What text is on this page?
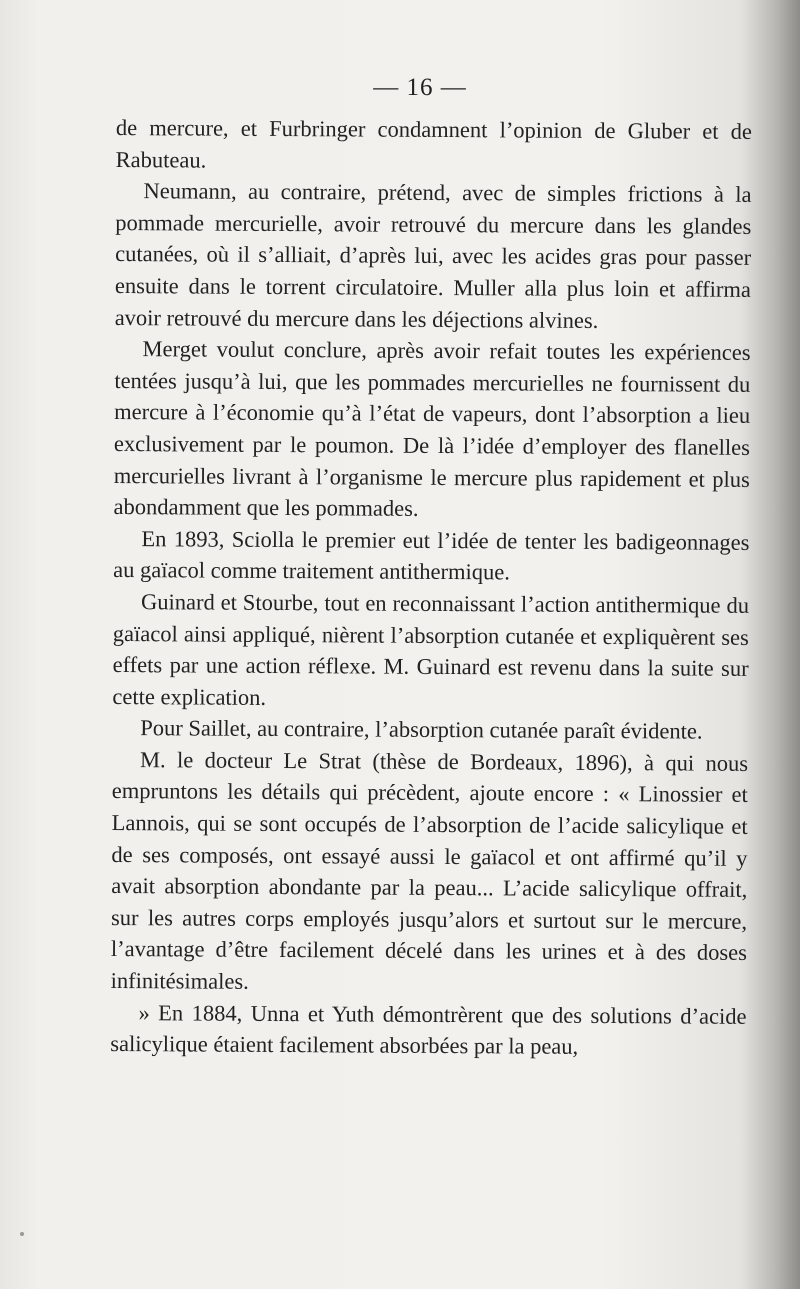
— 16 —

de mercure, et Furbringer condamnent l’opinion de Gluber et de Rabuteau.

Neumann, au contraire, prétend, avec de simples frictions à la pommade mercurielle, avoir retrouvé du mercure dans les glandes cutanées, où il s’alliait, d’après lui, avec les acides gras pour passer ensuite dans le torrent circulatoire. Muller alla plus loin et affirma avoir retrouvé du mercure dans les déjections alvines.

Merget voulut conclure, après avoir refait toutes les expériences tentées jusqu’à lui, que les pommades mercurielles ne fournissent du mercure à l’économie qu’à l’état de vapeurs, dont l’absorption a lieu exclusivement par le poumon. De là l’idée d’employer des flanelles mercurielles livrant à l’organisme le mercure plus rapidement et plus abondamment que les pommades.

En 1893, Sciolla le premier eut l’idée de tenter les badigeonnages au gaïacol comme traitement antithermique.

Guinard et Stourbe, tout en reconnaissant l’action antithermique du gaïacol ainsi appliqué, nièrent l’absorption cutanée et expliquèrent ses effets par une action réflexe. M. Guinard est revenu dans la suite sur cette explication.

Pour Saillet, au contraire, l’absorption cutanée paraît évidente.

M. le docteur Le Strat (thèse de Bordeaux, 1896), à qui nous empruntons les détails qui précèdent, ajoute encore : « Linossier et Lannois, qui se sont occupés de l’absorption de l’acide salicylique et de ses composés, ont essayé aussi le gaïacol et ont affirmé qu’il y avait absorption abondante par la peau... L’acide salicylique offrait, sur les autres corps employés jusqu’alors et surtout sur le mercure, l’avantage d’être facilement décelé dans les urines et à des doses infinitésimales.

» En 1884, Unna et Yuth démontrèrent que des solutions d’acide salicylique étaient facilement absorbées par la peau,
